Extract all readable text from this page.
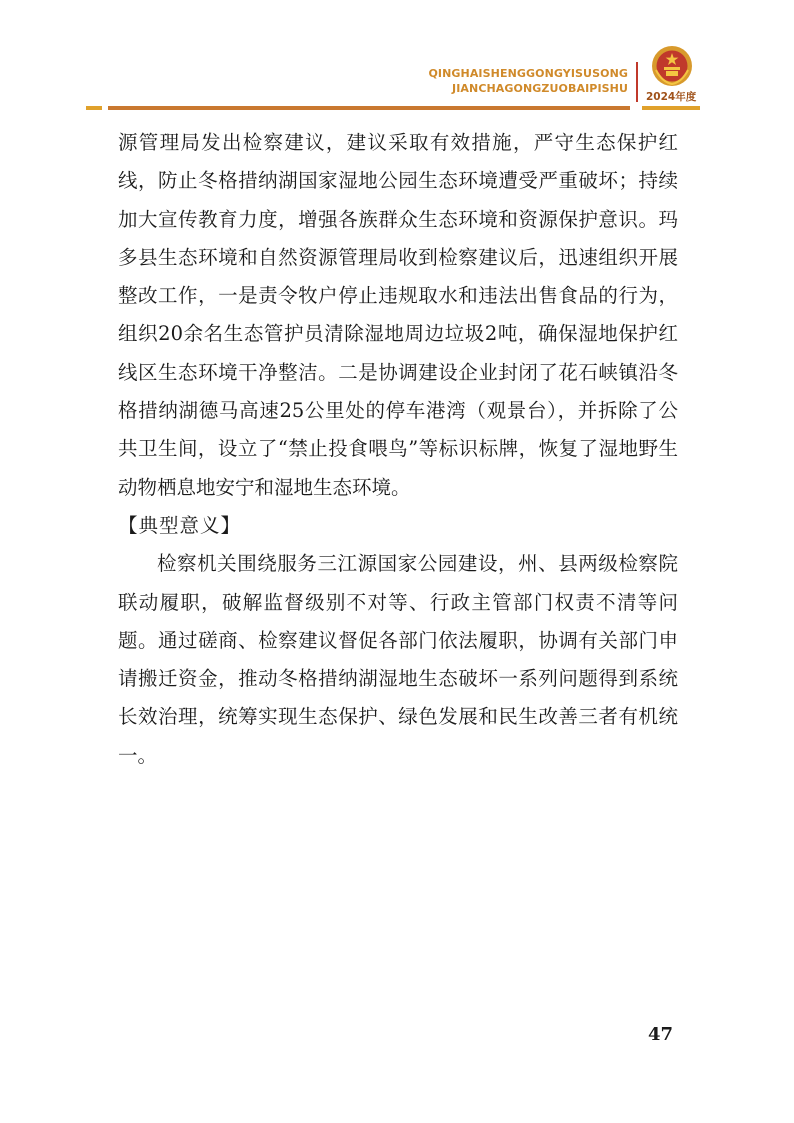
QINGHAISHENGGONGYISUSONG
JIANCHAGONGZUOBAIPISHU
2024年度

源管理局发出检察建议，建议采取有效措施，严守生态保护红线，防止冬格措纳湖国家湿地公园生态环境遭受严重破坏；持续加大宣传教育力度，增强各族群众生态环境和资源保护意识。玛多县生态环境和自然资源管理局收到检察建议后，迅速组织开展整改工作，一是责令牧户停止违规取水和违法出售食品的行为，组织20余名生态管护员清除湿地周边垃圾2吨，确保湿地保护红线区生态环境干净整洁。二是协调建设企业封闭了花石峡镇沿冬格措纳湖德马高速25公里处的停车港湾（观景台），并拆除了公共卫生间，设立了“禁止投食喂鸟”等标识标牌，恢复了湿地野生动物栖息地安宁和湿地生态环境。

【典型意义】

检察机关围绕服务三江源国家公园建设，州、县两级检察院联动履职，破解监督级别不对等、行政主管部门权责不清等问题。通过磋商、检察建议督促各部门依法履职，协调有关部门申请搬迁资金，推动冬格措纳湖湿地生态破坏一系列问题得到系统长效治理，统筹实现生态保护、绿色发展和民生改善三者有机统一。

47
